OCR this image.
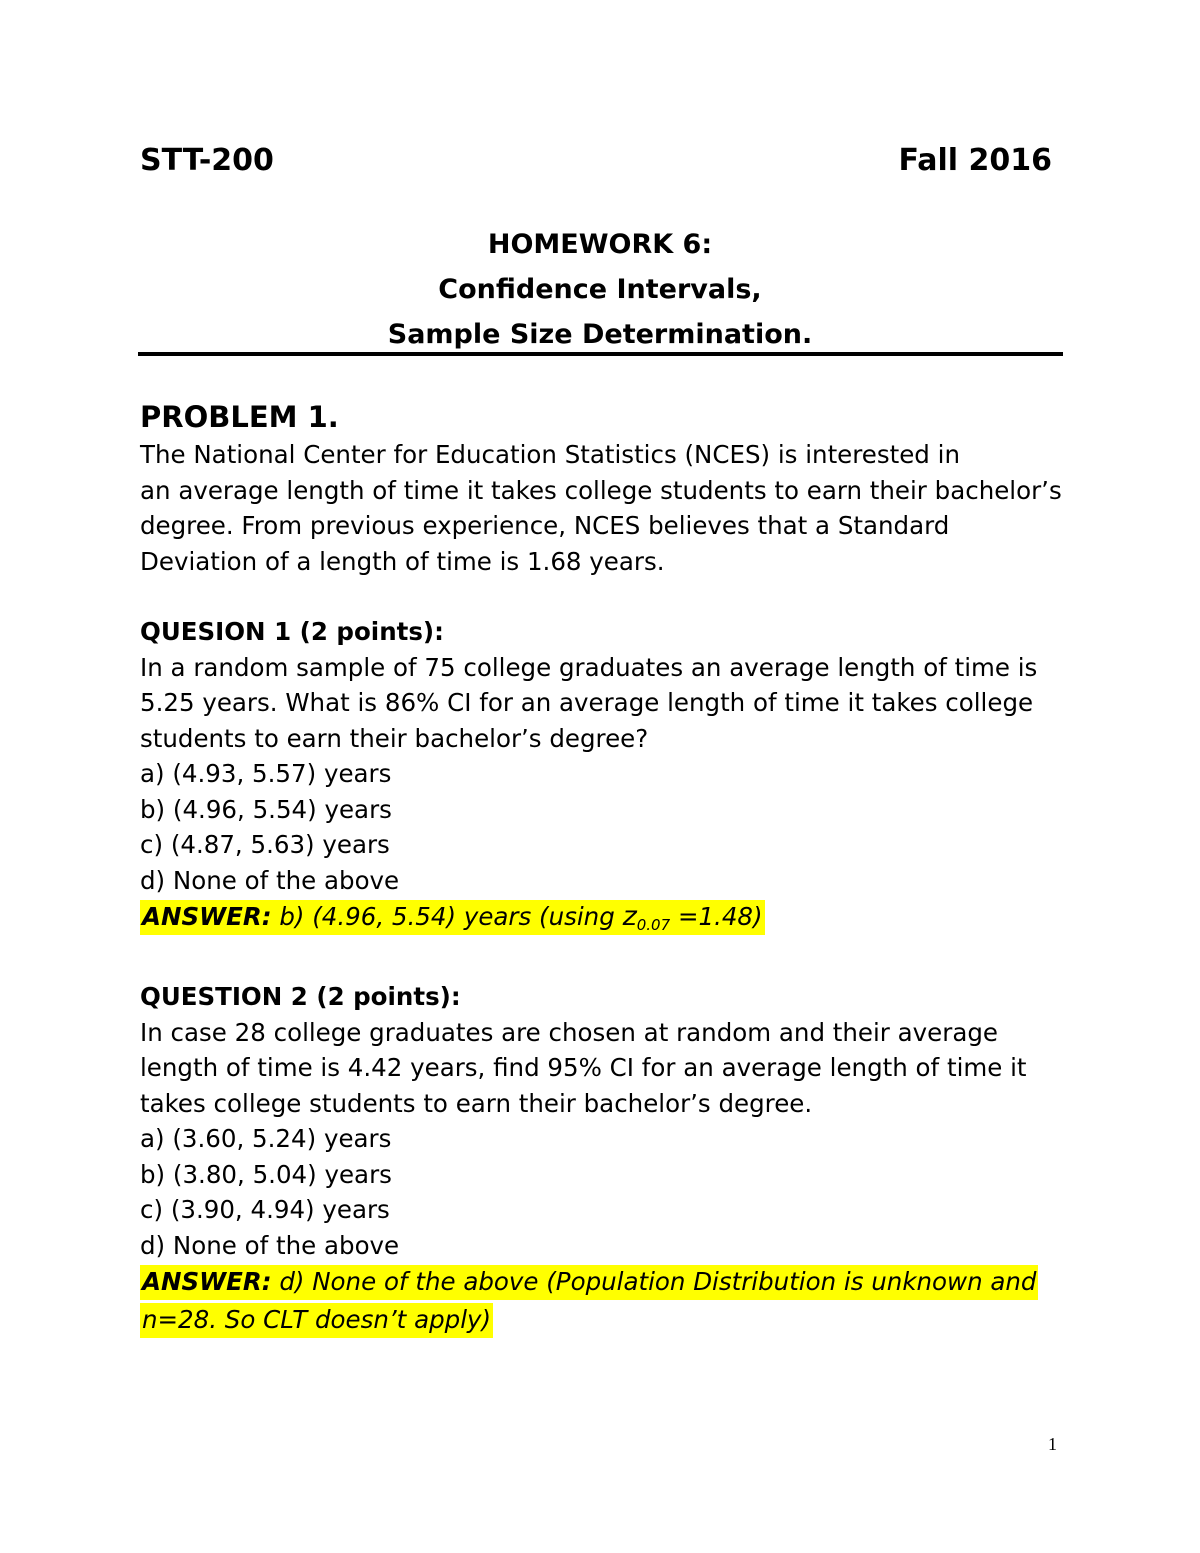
STT-200	Fall 2016
HOMEWORK 6:
Confidence Intervals,
Sample Size Determination.
PROBLEM 1.
The National Center for Education Statistics (NCES) is interested in
an average length of time it takes college students to earn their bachelor’s
degree. From previous experience, NCES believes that a Standard
Deviation of a length of time is 1.68 years.
QUESION 1 (2 points):
In a random sample of 75 college graduates an average length of time is
5.25 years. What is 86% CI for an average length of time it takes college
students to earn their bachelor’s degree?
a) (4.93, 5.57) years
b) (4.96, 5.54) years
c) (4.87, 5.63) years
d) None of the above
ANSWER: b) (4.96, 5.54) years (using $z_{0.07} =1.48$)
QUESTION 2 (2 points):
In case 28 college graduates are chosen at random and their average
length of time is 4.42 years, find 95% CI for an average length of time it
takes college students to earn their bachelor’s degree.
a) (3.60, 5.24) years
b) (3.80, 5.04) years
c) (3.90, 4.94) years
d) None of the above
ANSWER: d) None of the above (Population Distribution is unknown and
n=28. So CLT doesn’t apply)
1
